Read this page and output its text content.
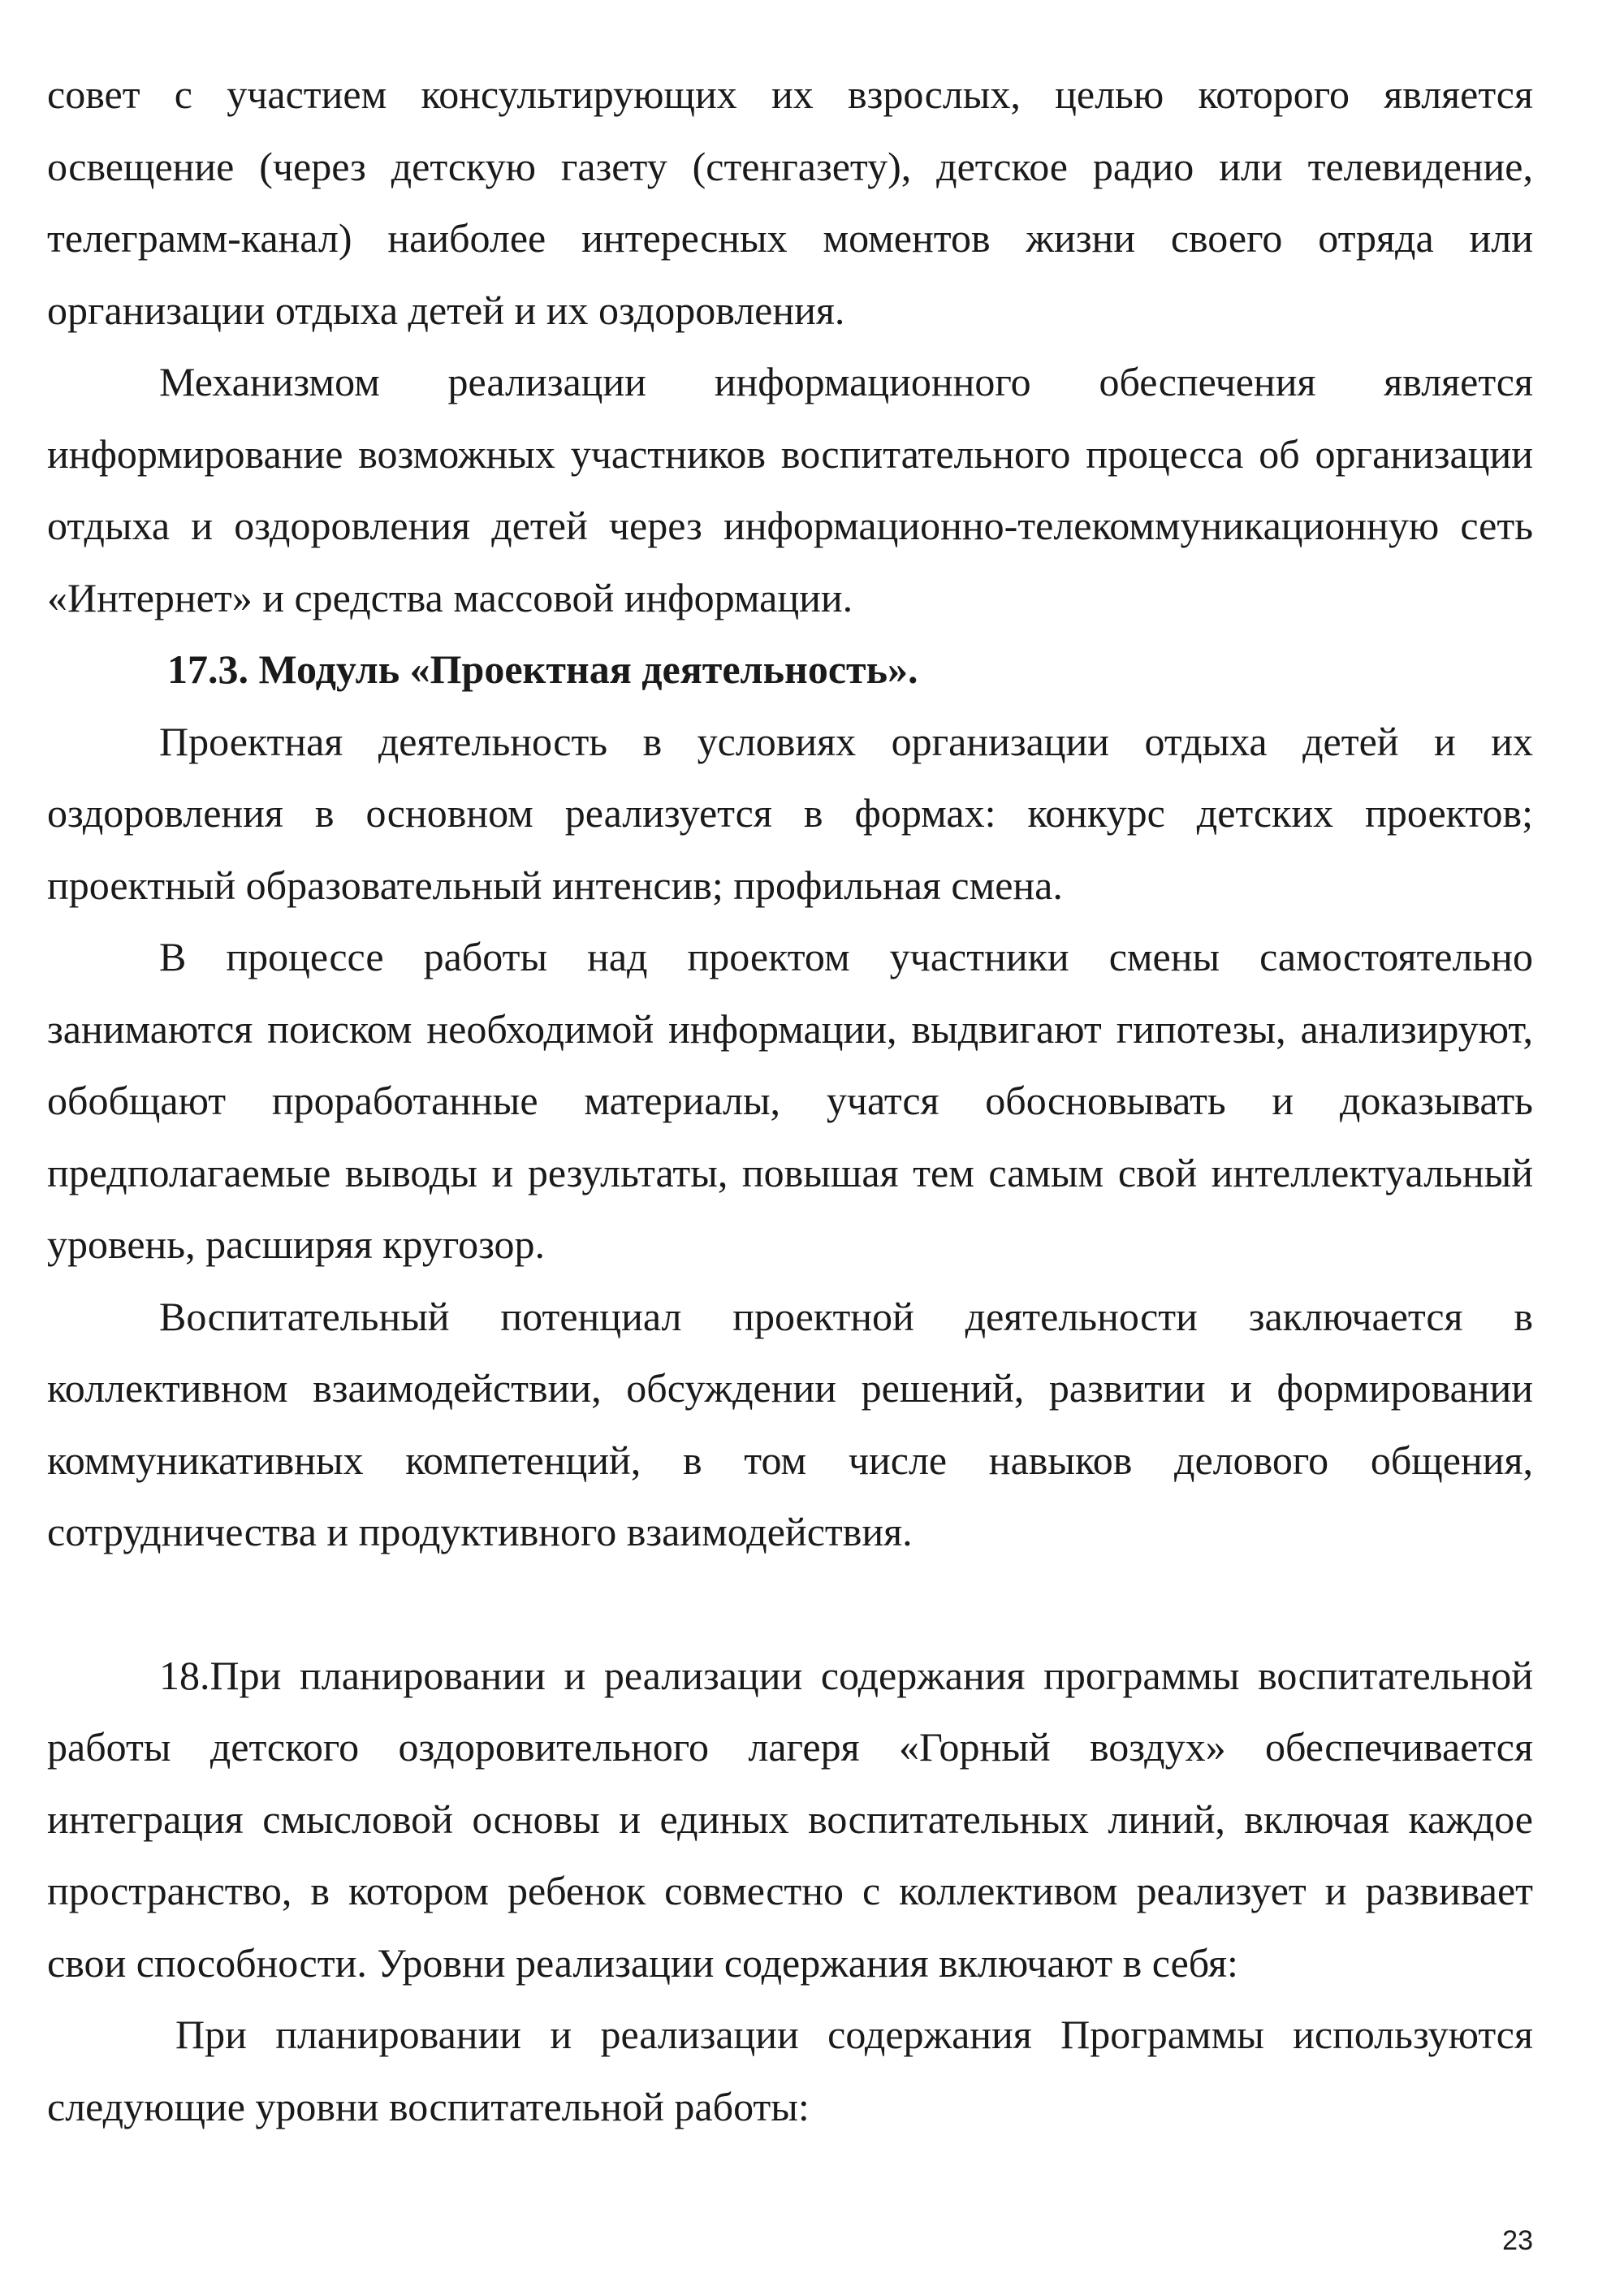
совет с участием консультирующих их взрослых, целью которого является освещение (через детскую газету (стенгазету), детское радио или телевидение, телеграмм-канал) наиболее интересных моментов жизни своего отряда или организации отдыха детей и их оздоровления.

Механизмом реализации информационного обеспечения является информирование возможных участников воспитательного процесса об организации отдыха и оздоровления детей через информационно-телекоммуникационную сеть «Интернет» и средства массовой информации.

17.3. Модуль «Проектная деятельность».

Проектная деятельность в условиях организации отдыха детей и их оздоровления в основном реализуется в формах: конкурс детских проектов; проектный образовательный интенсив; профильная смена.

В процессе работы над проектом участники смены самостоятельно занимаются поиском необходимой информации, выдвигают гипотезы, анализируют, обобщают проработанные материалы, учатся обосновывать и доказывать предполагаемые выводы и результаты, повышая тем самым свой интеллектуальный уровень, расширяя кругозор.

Воспитательный потенциал проектной деятельности заключается в коллективном взаимодействии, обсуждении решений, развитии и формировании коммуникативных компетенций, в том числе навыков делового общения, сотрудничества и продуктивного взаимодействия.

18.При планировании и реализации содержания программы воспитательной работы детского оздоровительного лагеря «Горный воздух» обеспечивается интеграция смысловой основы и единых воспитательных линий, включая каждое пространство, в котором ребенок совместно с коллективом реализует и развивает свои способности. Уровни реализации содержания включают в себя:

При планировании и реализации содержания Программы используются следующие уровни воспитательной работы:

23
